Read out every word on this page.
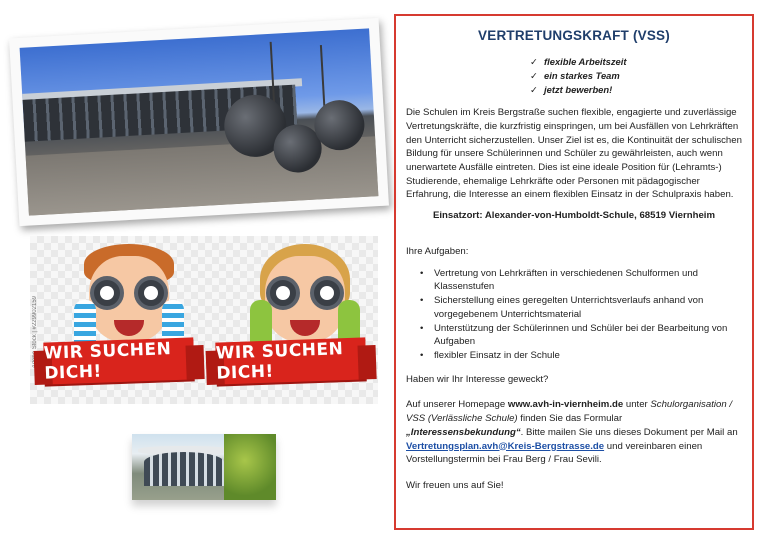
Adobe Stock | #229902159 WIR SUCHEN DICH!
WIR SUCHEN DICH!
VERTRETUNGSKRAFT (VSS)
✓ flexible Arbeitszeit
✓ ein starkes Team
✓ jetzt bewerben!

Die Schulen im Kreis Bergstraße suchen flexible, engagierte und zuverlässige Vertretungskräfte, die kurzfristig einspringen, um bei Ausfällen von Lehrkräften den Unterricht sicherzustellen. Unser Ziel ist es, die Kontinuität der schulischen Bildung für unsere Schülerinnen und Schüler zu gewährleisten, auch wenn unerwartete Ausfälle eintreten. Dies ist eine ideale Position für (Lehramts-) Studierende, ehemalige Lehrkräfte oder Personen mit pädagogischer Erfahrung, die Interesse an einem flexiblen Einsatz in der Schulpraxis haben.

Einsatzort: Alexander-von-Humboldt-Schule, 68519 Viernheim

Ihre Aufgaben:

• Vertretung von Lehrkräften in verschiedenen Schulformen und Klassenstufen
• Sicherstellung eines geregelten Unterrichtsverlaufs anhand von vorgegebenem Unterrichtsmaterial
• Unterstützung der Schülerinnen und Schüler bei der Bearbeitung von Aufgaben
• flexibler Einsatz in der Schule

Haben wir Ihr Interesse geweckt?

Auf unserer Homepage www.avh-in-viernheim.de unter Schulorganisation / VSS (Verlässliche Schule) finden Sie das Formular „Interessensbekundung“. Bitte mailen Sie uns dieses Dokument per Mail an Vertretungsplan.avh@Kreis-Bergstrasse.de und vereinbaren einen Vorstellungstermin bei Frau Berg / Frau Sevili.

Wir freuen uns auf Sie!
